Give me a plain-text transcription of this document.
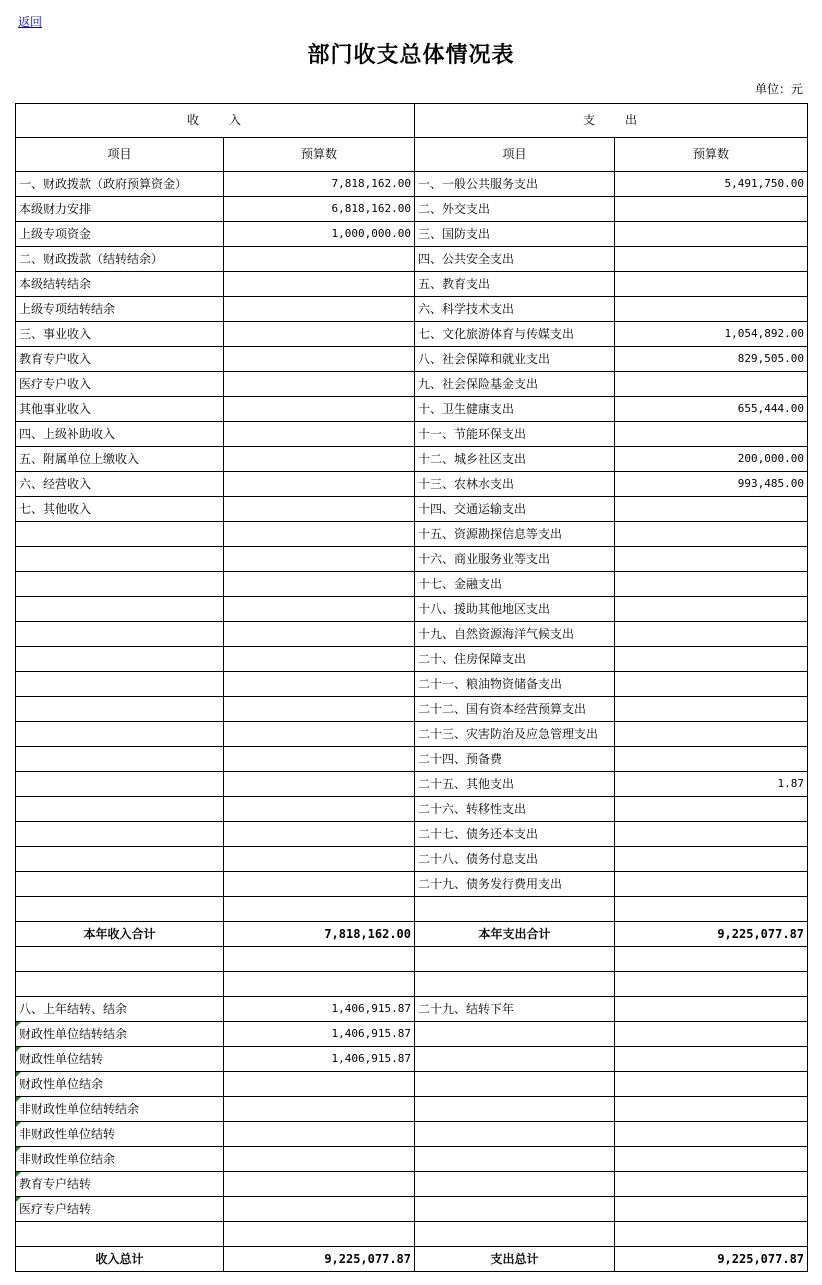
返回
部门收支总体情况表
单位：元
收　　入		支　　出	
项目	预算数	项目	预算数
一、财政拨款（政府预算资金）	7,818,162.00	一、一般公共服务支出	5,491,750.00
本级财力安排	6,818,162.00	二、外交支出	
上级专项资金	1,000,000.00	三、国防支出	
二、财政拨款（结转结余）		四、公共安全支出	
本级结转结余		五、教育支出	
上级专项结转结余		六、科学技术支出	
三、事业收入		七、文化旅游体育与传媒支出	1,054,892.00
教育专户收入		八、社会保障和就业支出	829,505.00
医疗专户收入		九、社会保险基金支出	
其他事业收入		十、卫生健康支出	655,444.00
四、上级补助收入		十一、节能环保支出	
五、附属单位上缴收入		十二、城乡社区支出	200,000.00
六、经营收入		十三、农林水支出	993,485.00
七、其他收入		十四、交通运输支出	
		十五、资源勘探信息等支出	
		十六、商业服务业等支出	
		十七、金融支出	
		十八、援助其他地区支出	
		十九、自然资源海洋气候支出	
		二十、住房保障支出	
		二十一、粮油物资储备支出	
		二十二、国有资本经营预算支出	
		二十三、灾害防治及应急管理支出	
		二十四、预备费	
		二十五、其他支出	1.87
		二十六、转移性支出	
		二十七、债务还本支出	
		二十八、债务付息支出	
		二十九、债务发行费用支出	

本年收入合计	7,818,162.00	本年支出合计	9,225,077.87

八、上年结转、结余	1,406,915.87	二十九、结转下年	
财政性单位结转结余	1,406,915.87		
财政性单位结转	1,406,915.87		
财政性单位结余

非财政性单位结转结余

非财政性单位结转

非财政性单位结余

教育专户结转

医疗专户结转

收入总计	9,225,077.87	支出总计	9,225,077.87
